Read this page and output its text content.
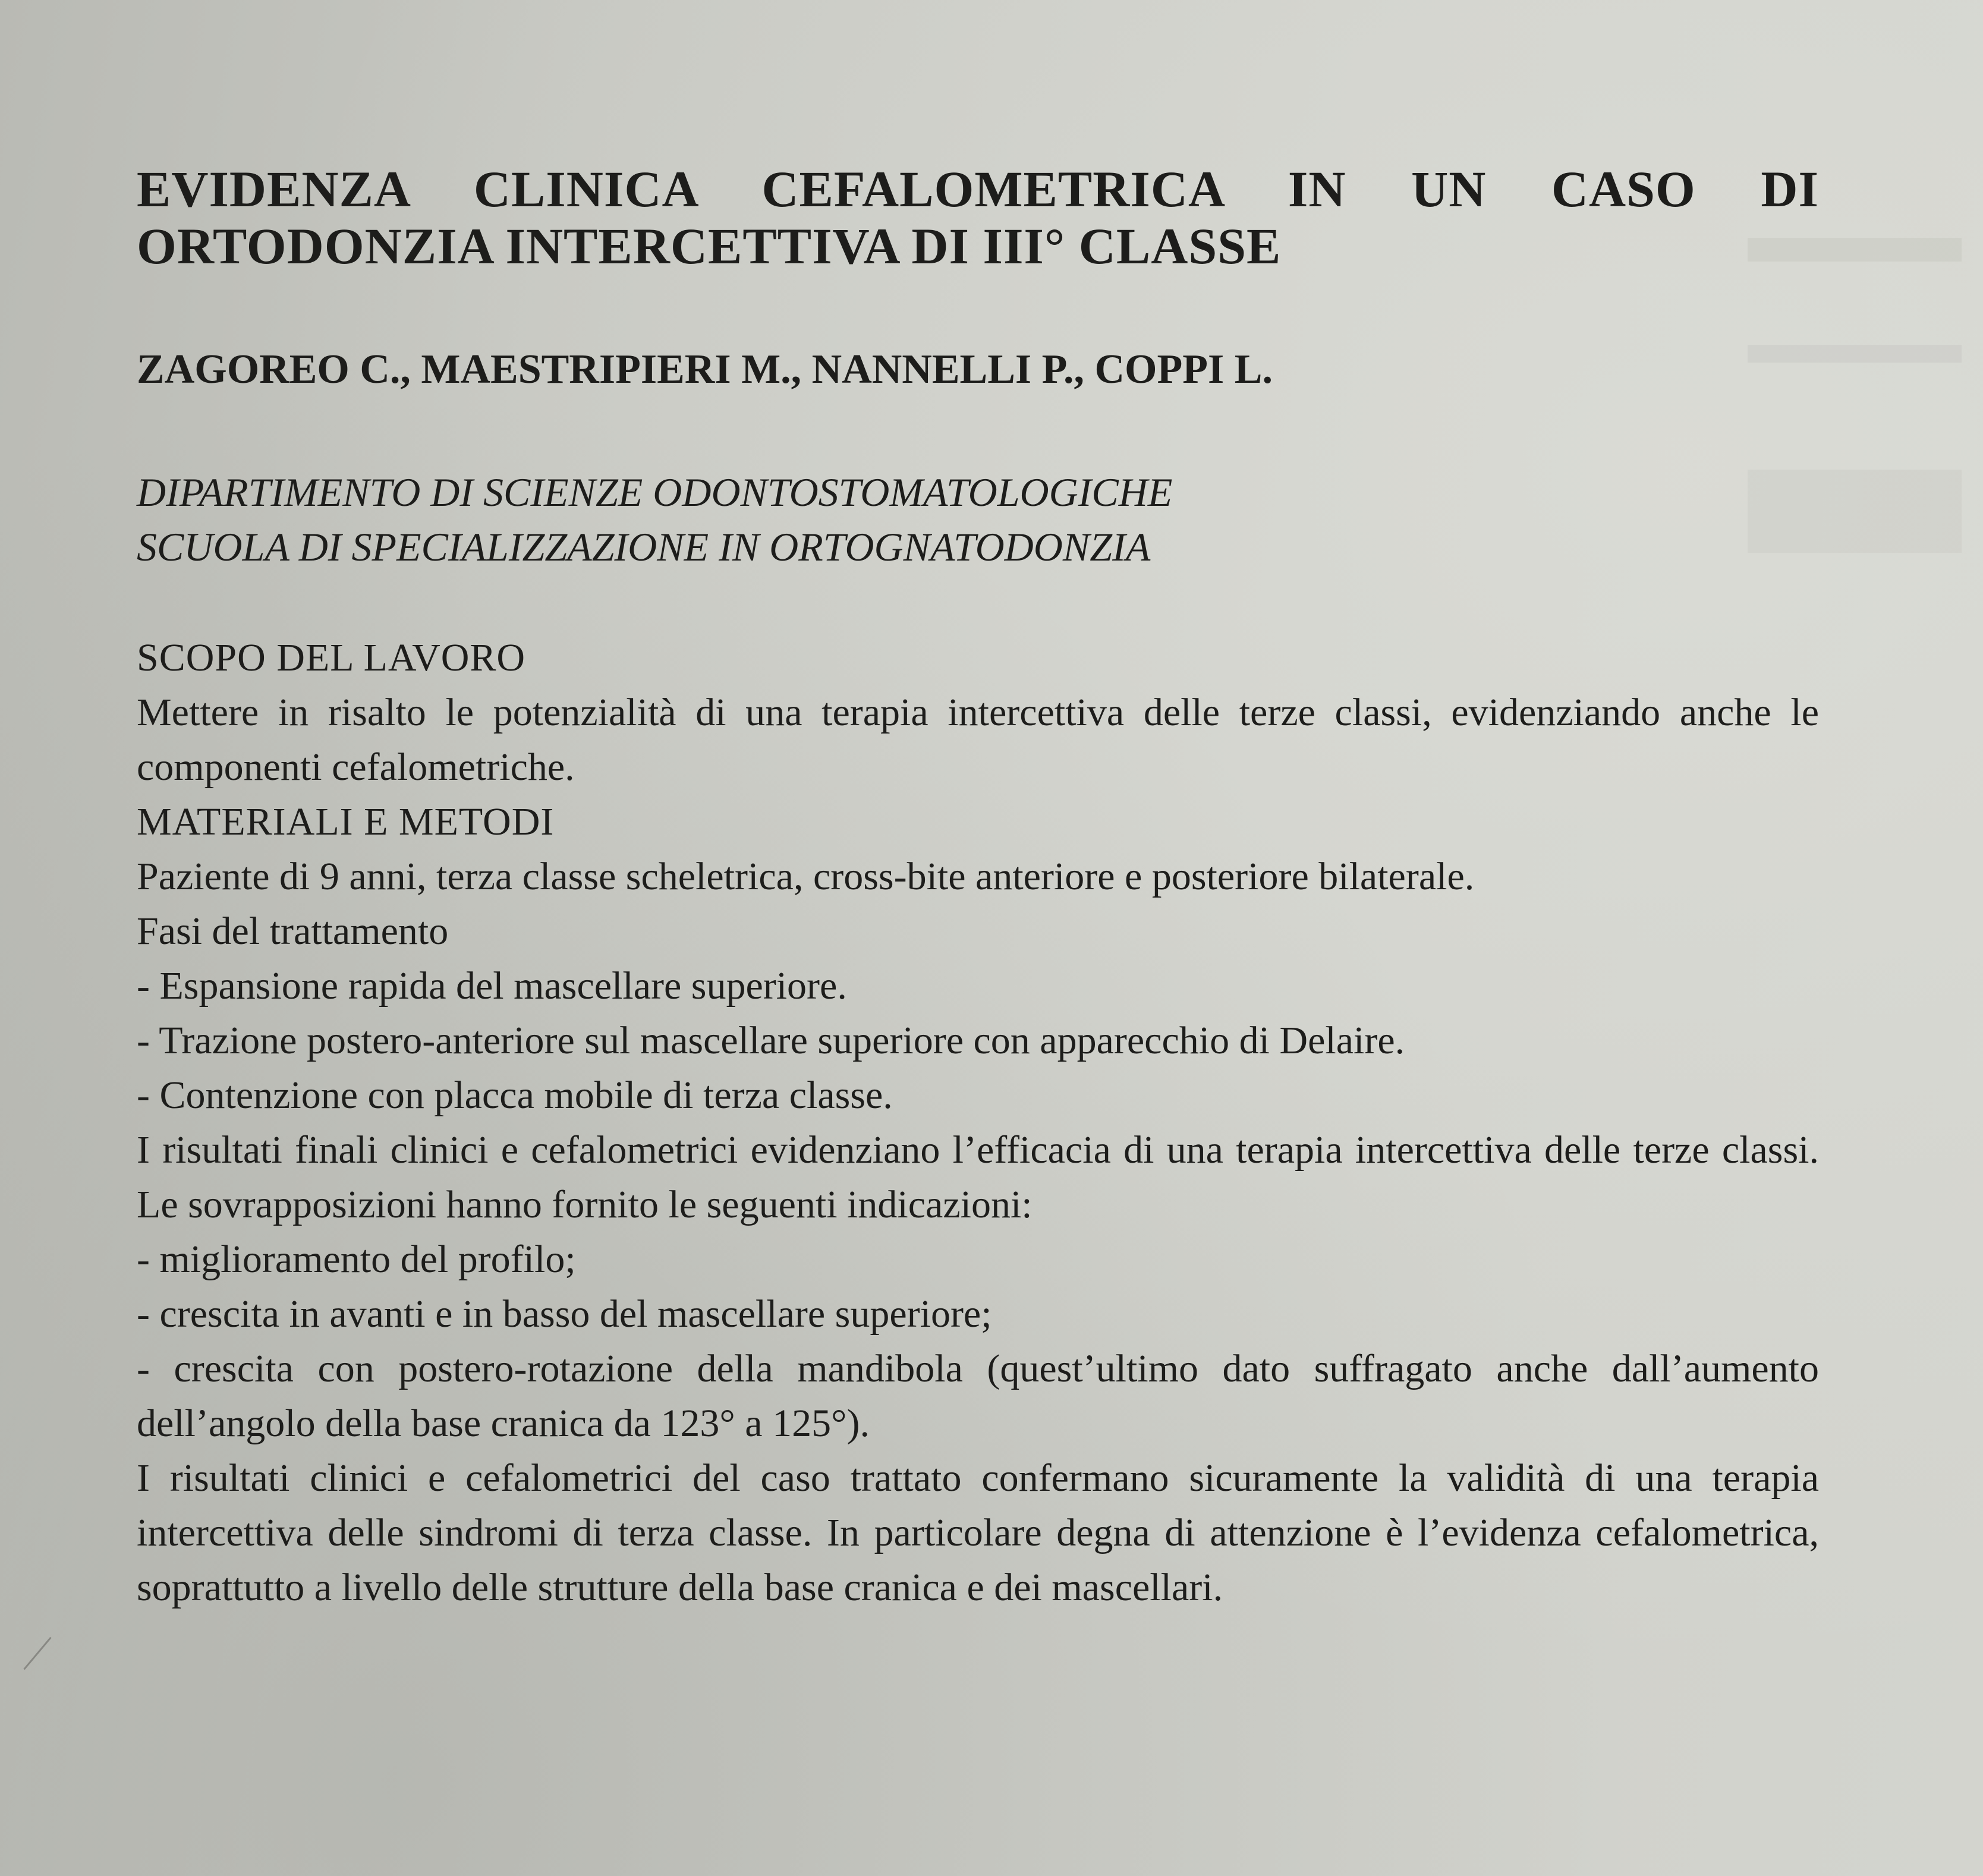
EVIDENZA CLINICA CEFALOMETRICA IN UN CASO DI
ORTODONZIA INTERCETTIVA DI III° CLASSE

ZAGOREO C., MAESTRIPIERI M., NANNELLI P., COPPI L.

DIPARTIMENTO DI SCIENZE ODONTOSTOMATOLOGICHE
SCUOLA DI SPECIALIZZAZIONE IN ORTOGNATODONZIA

SCOPO DEL LAVORO
Mettere in risalto le potenzialità di una terapia intercettiva delle terze classi, evidenziando anche le componenti cefalometriche.
MATERIALI E METODI
Paziente di 9 anni, terza classe scheletrica, cross-bite anteriore e posteriore bilaterale.
Fasi del trattamento
- Espansione rapida del mascellare superiore.
- Trazione postero-anteriore sul mascellare superiore con apparecchio di Delaire.
- Contenzione con placca mobile di terza classe.
I risultati finali clinici e cefalometrici evidenziano l’efficacia di una terapia intercettiva delle terze classi. Le sovrapposizioni hanno fornito le seguenti indicazioni:
- miglioramento del profilo;
- crescita in avanti e in basso del mascellare superiore;
- crescita con postero-rotazione della mandibola (quest’ultimo dato suffragato anche dall’aumento dell’angolo della base cranica da 123° a 125°).
I risultati clinici e cefalometrici del caso trattato confermano sicuramente la validità di una terapia intercettiva delle sindromi di terza classe. In particolare degna di attenzione è l’evidenza cefalometrica, soprattutto a livello delle strutture della base cranica e dei mascellari.
